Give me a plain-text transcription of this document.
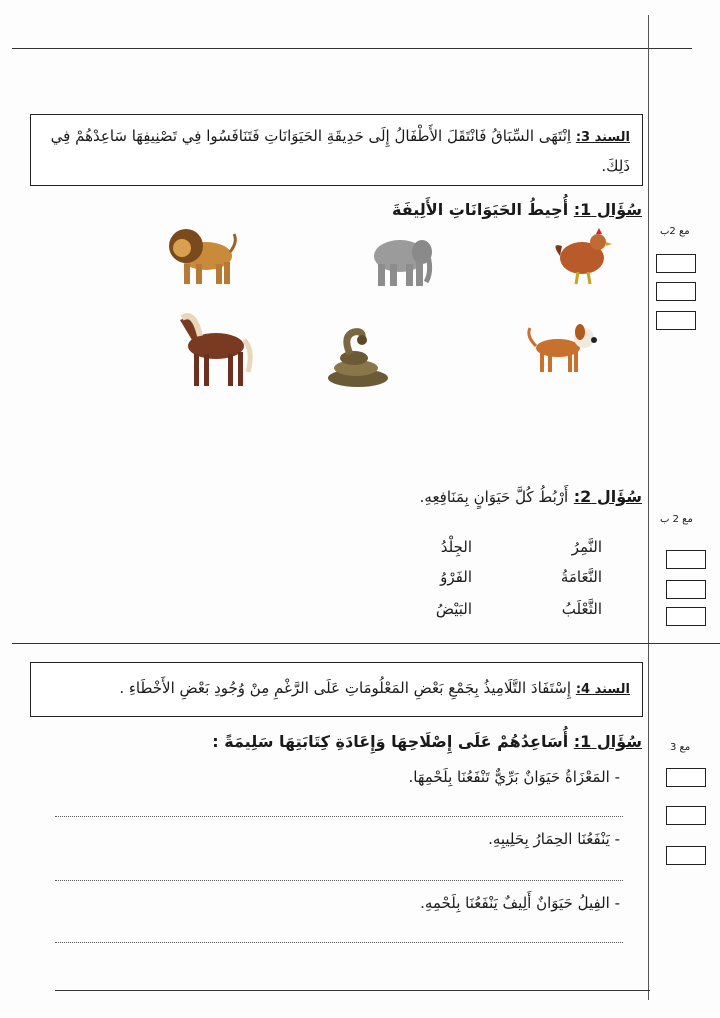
السند 3: اِنْتَهَى السِّبَاقُ فَانْتَقَلَ الأَطْفَالُ إِلَى حَدِيقَةِ الحَيَوَانَاتِ فَتَنَافَسُوا فِي تَصْنِيفِهَا سَاعِدْهُمْ فِي ذَلِكَ.
سُؤَال 1: أُحِيطُ الحَيَوَانَاتِ الأَلِيفَةَ
مع 2ب
سُؤَال 2: أَرْبُطُ كُلَّ حَيَوَانٍ بِمَنَافِعِهِ.
مع 2 ب
النَّمِرُ
النَّعَامَةُ
الثَّعْلَبُ
الجِلْدُ
الفَرْوُ
البَيْضُ
السند 4: إِسْتَفَادَ التَّلَامِيذُ بِجَمْعِ بَعْضِ المَعْلُومَاتِ عَلَى الرَّغْمِ مِنْ وُجُودِ بَعْضِ الأَخْطَاءِ .
سُؤَال 1: أُسَاعِدُهُمْ عَلَى إِصْلَاحِهَا وَإِعَادَةِ كِتَابَتِهَا سَلِيمَةً :	مع 3
- المَعْزَاةُ حَيَوَانٌ بَرِّيٌّ تَنْفَعُنَا بِلَحْمِهَا.
- يَنْفَعُنَا الحِمَارُ بِحَلِيبِهِ.
- الفِيلُ حَيَوَانٌ أَلِيفٌ يَنْفَعُنَا بِلَحْمِهِ.
